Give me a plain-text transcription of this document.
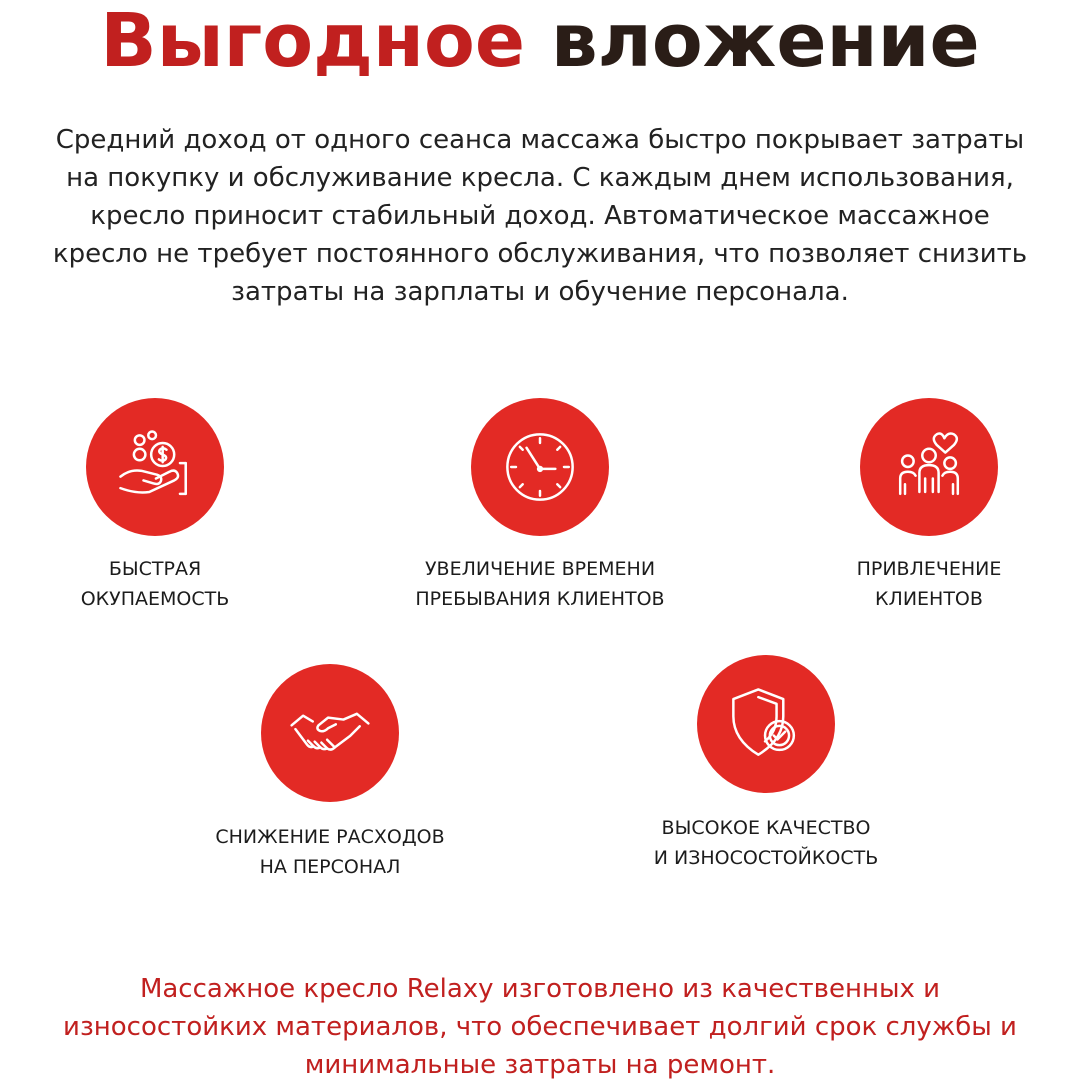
Выгодное вложение
Средний доход от одного сеанса массажа быстро покрывает затраты
на покупку и обслуживание кресла. С каждым днем использования,
кресло приносит стабильный доход. Автоматическое массажное
кресло не требует постоянного обслуживания, что позволяет снизить
затраты на зарплаты и обучение персонала.
БЫСТРАЯ
ОКУПАЕМОСТЬ
УВЕЛИЧЕНИЕ ВРЕМЕНИ
ПРЕБЫВАНИЯ КЛИЕНТОВ
ПРИВЛЕЧЕНИЕ
КЛИЕНТОВ
СНИЖЕНИЕ РАСХОДОВ
НА ПЕРСОНАЛ
ВЫСОКОЕ КАЧЕСТВО
И ИЗНОСОСТОЙКОСТЬ
Массажное кресло Relaxy изготовлено из качественных и
износостойких материалов, что обеспечивает долгий срок службы и
минимальные затраты на ремонт.
